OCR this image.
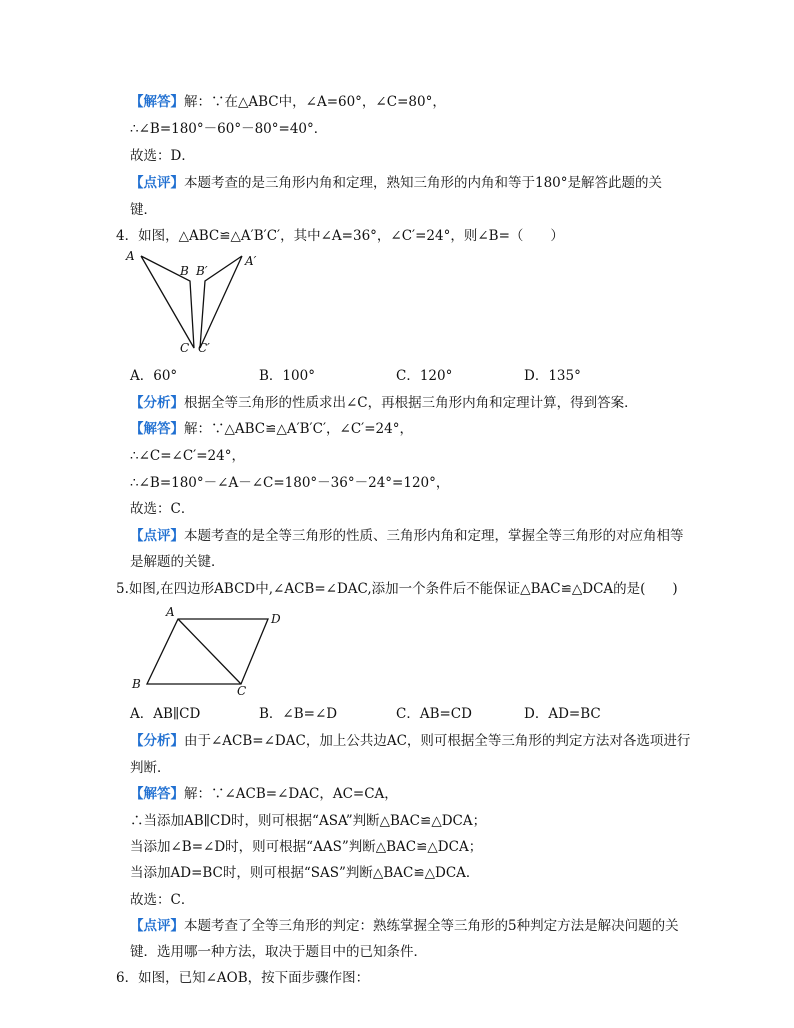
【解答】解：∵在△ABC中，∠A=60°，∠C=80°，
∴∠B=180°－60°－80°=40°．
故选：D．
【点评】本题考查的是三角形内角和定理，熟知三角形的内角和等于180°是解答此题的关
键．
4．如图，△ABC≌△A′B′C′，其中∠A=36°，∠C′=24°，则∠B=（　　）
A
B B′
A′
C C′
A．60°	B．100°	C．120°	D．135°
【分析】根据全等三角形的性质求出∠C，再根据三角形内角和定理计算，得到答案．
【解答】解：∵△ABC≌△A′B′C′，∠C′=24°，
∴∠C=∠C′=24°，
∴∠B=180°－∠A－∠C=180°－36°－24°=120°，
故选：C．
【点评】本题考查的是全等三角形的性质、三角形内角和定理，掌握全等三角形的对应角相等
是解题的关键．
5.如图,在四边形ABCD中,∠ACB=∠DAC,添加一个条件后不能保证△BAC≌△DCA的是(　　)
A	D
B	C
A．AB∥CD	B．∠B=∠D	C．AB=CD	D．AD=BC
【分析】由于∠ACB=∠DAC，加上公共边AC，则可根据全等三角形的判定方法对各选项进行
判断．
【解答】解：∵∠ACB=∠DAC，AC=CA，
∴当添加AB∥CD时，则可根据“ASA”判断△BAC≌△DCA；
当添加∠B=∠D时，则可根据“AAS”判断△BAC≌△DCA；
当添加AD=BC时，则可根据“SAS”判断△BAC≌△DCA．
故选：C．
【点评】本题考查了全等三角形的判定：熟练掌握全等三角形的5种判定方法是解决问题的关
键．选用哪一种方法，取决于题目中的已知条件．
6．如图，已知∠AOB，按下面步骤作图：
